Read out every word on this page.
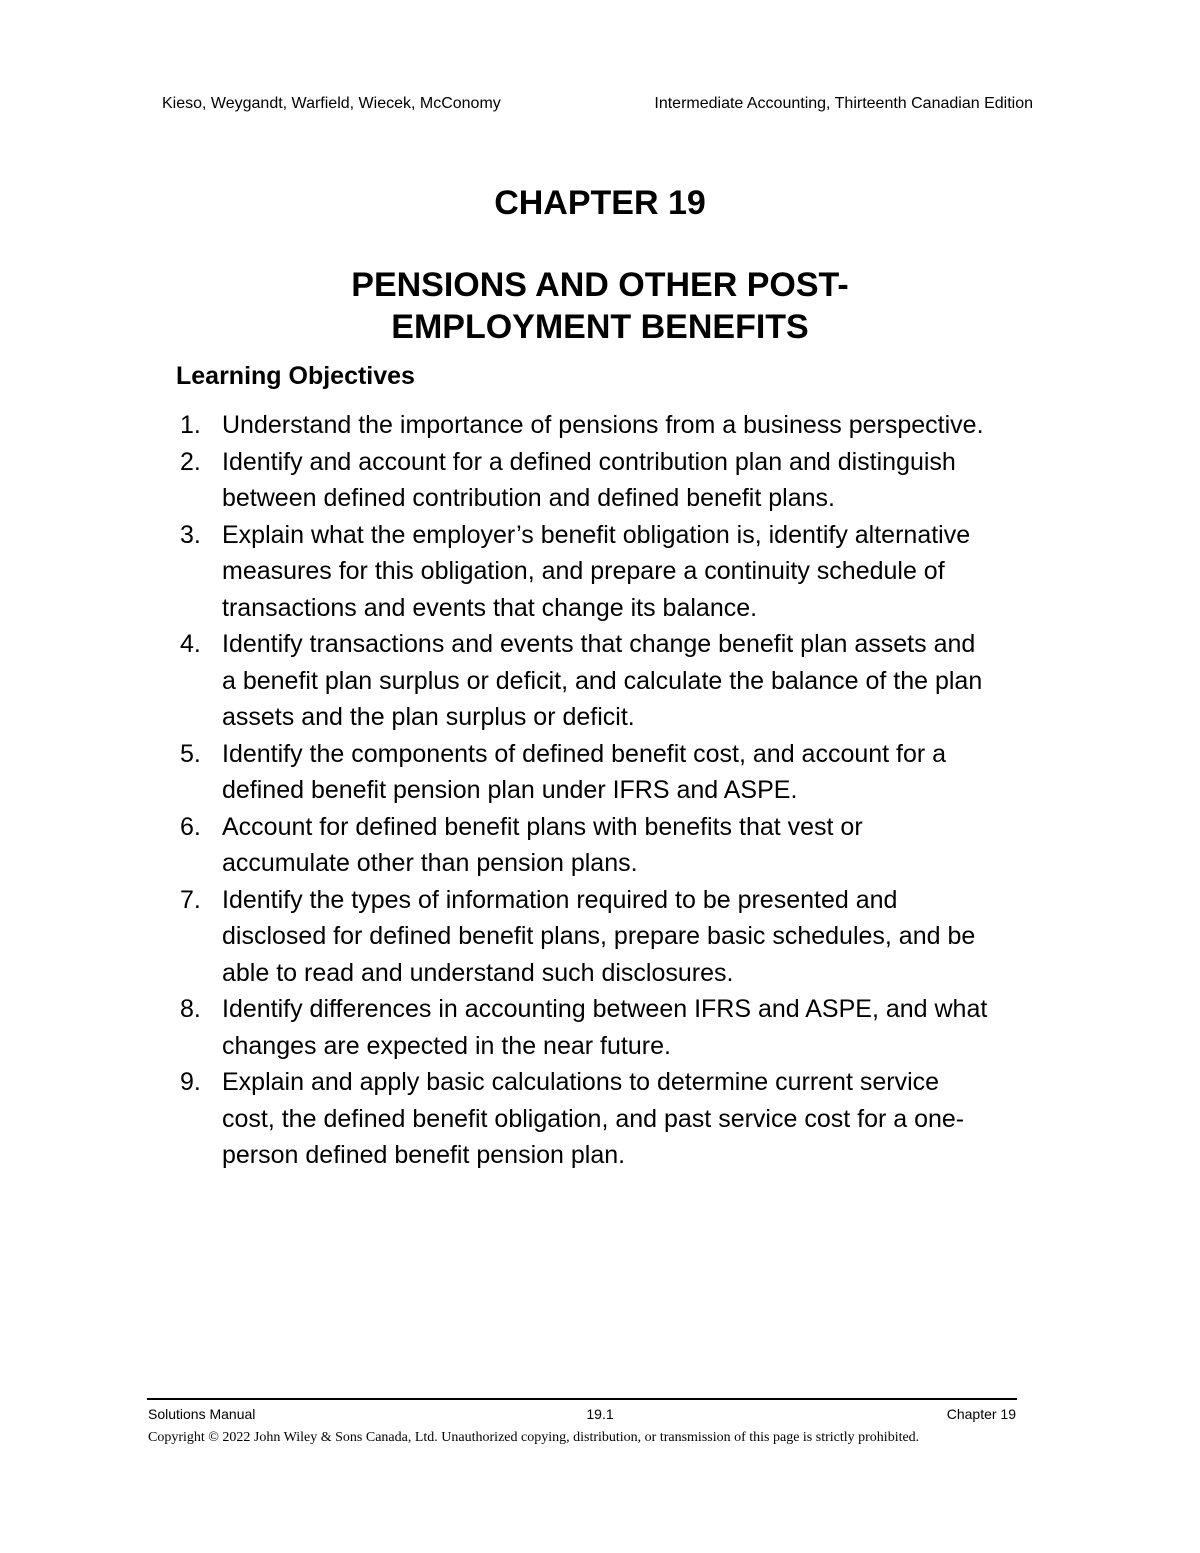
Kieso, Weygandt, Warfield, Wiecek, McConomy	Intermediate Accounting, Thirteenth Canadian Edition
CHAPTER 19
PENSIONS AND OTHER POST-
EMPLOYMENT BENEFITS
Learning Objectives
1. Understand the importance of pensions from a business perspective.
2. Identify and account for a defined contribution plan and distinguish between defined contribution and defined benefit plans.
3. Explain what the employer’s benefit obligation is, identify alternative measures for this obligation, and prepare a continuity schedule of transactions and events that change its balance.
4. Identify transactions and events that change benefit plan assets and a benefit plan surplus or deficit, and calculate the balance of the plan assets and the plan surplus or deficit.
5. Identify the components of defined benefit cost, and account for a defined benefit pension plan under IFRS and ASPE.
6. Account for defined benefit plans with benefits that vest or accumulate other than pension plans.
7. Identify the types of information required to be presented and disclosed for defined benefit plans, prepare basic schedules, and be able to read and understand such disclosures.
8. Identify differences in accounting between IFRS and ASPE, and what changes are expected in the near future.
9. Explain and apply basic calculations to determine current service cost, the defined benefit obligation, and past service cost for a one-person defined benefit pension plan.
Solutions Manual	19.1	Chapter 19
Copyright © 2022 John Wiley & Sons Canada, Ltd. Unauthorized copying, distribution, or transmission of this page is strictly prohibited.
